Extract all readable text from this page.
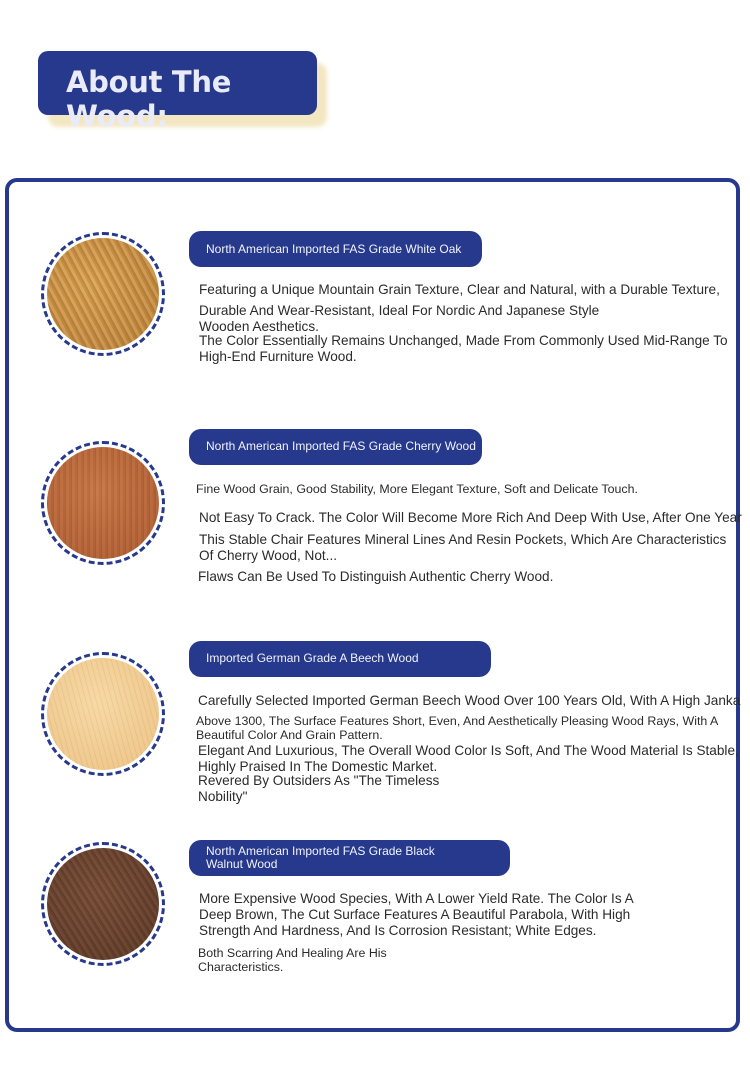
About The Wood:
North American Imported FAS Grade White Oak
Featuring a Unique Mountain Grain Texture, Clear and Natural, with a Durable Texture,
Durable And Wear-Resistant, Ideal For Nordic And Japanese Style Wooden Aesthetics.
The Color Essentially Remains Unchanged, Made From Commonly Used Mid-Range To High-End Furniture Wood.
North American Imported FAS Grade Cherry Wood
Fine Wood Grain, Good Stability, More Elegant Texture, Soft and Delicate Touch.
Not Easy To Crack. The Color Will Become More Rich And Deep With Use, After One Year
This Stable Chair Features Mineral Lines And Resin Pockets, Which Are Characteristics Of Cherry Wood, Not...
Flaws Can Be Used To Distinguish Authentic Cherry Wood.
Imported German Grade A Beech Wood
Carefully Selected Imported German Beech Wood Over 100 Years Old, With A High Janka
Above 1300, The Surface Features Short, Even, And Aesthetically Pleasing Wood Rays, With A Beautiful Color And Grain Pattern.
Elegant And Luxurious, The Overall Wood Color Is Soft, And The Wood Material Is Stable, Highly Praised In The Domestic Market.
Revered By Outsiders As "The Timeless Nobility"
North American Imported FAS Grade Black
Walnut Wood
More Expensive Wood Species, With A Lower Yield Rate. The Color Is A Deep Brown, The Cut Surface Features A Beautiful Parabola, With High Strength And Hardness, And Is Corrosion Resistant; White Edges.
Both Scarring And Healing Are His Characteristics.
